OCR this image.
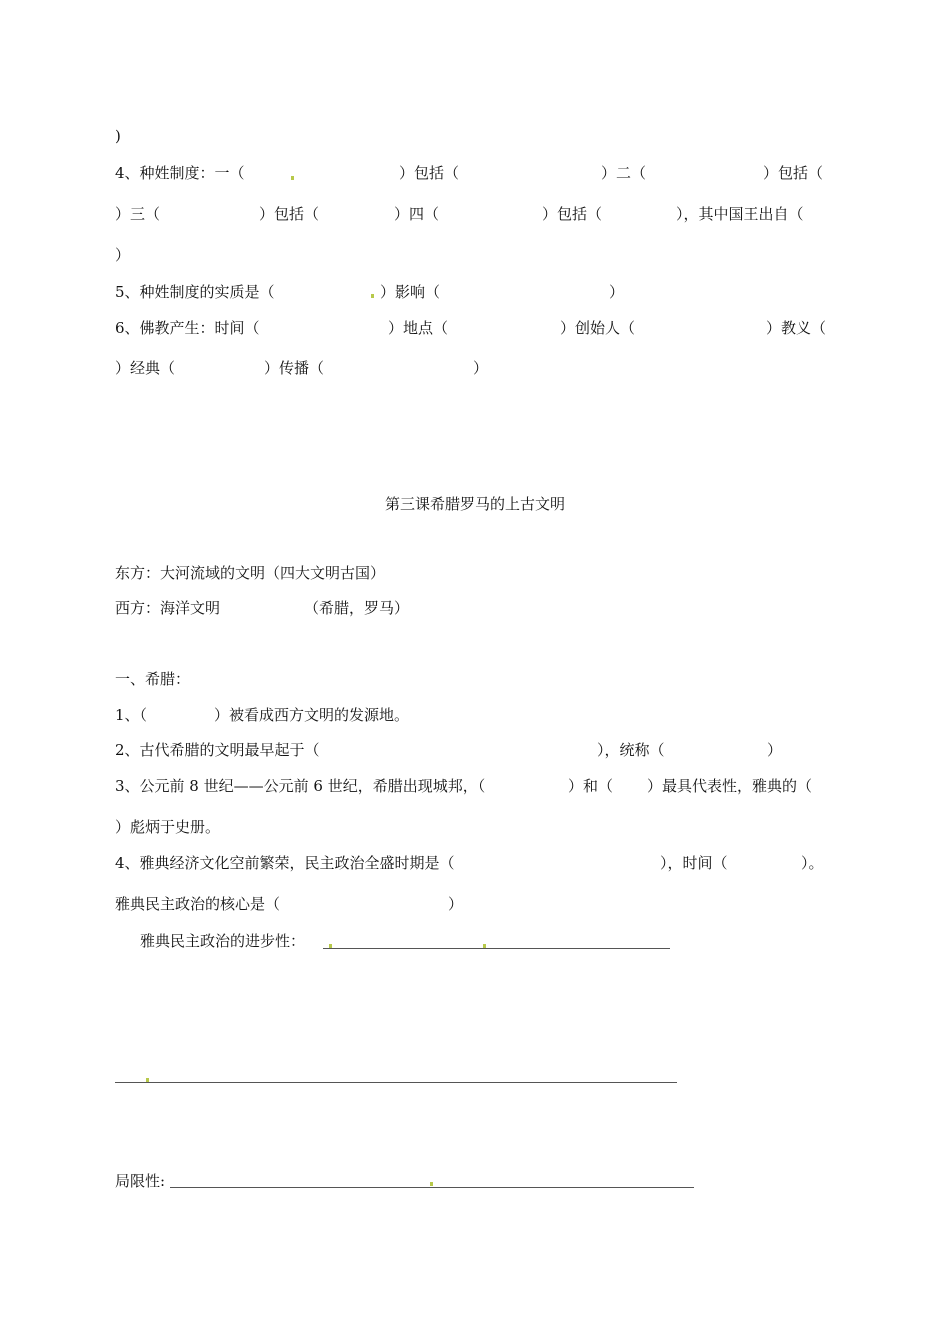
)
4、种姓制度：一（	）包括（	）二（	）包括（
）三（	）包括（	）四（	）包括（	），其中国王出自（
）
5、种姓制度的实质是（	）影响（	）
6、佛教产生：时间（	）地点（	）创始人（	）教义（
）经典（	）传播（	）
第三课希腊罗马的上古文明
东方：大河流域的文明（四大文明古国）
西方：海洋文明	（希腊，罗马）
一、希腊：
1、（	）被看成西方文明的发源地。
2、古代希腊的文明最早起于（	），统称（	）
3、公元前 8 世纪——公元前 6 世纪，希腊出现城邦，（	）和（ ）最具代表性，雅典的（
）彪炳于史册。
4、雅典经济文化空前繁荣，民主政治全盛时期是（	），时间（	）。
雅典民主政治的核心是（	）
雅典民主政治的进步性：
局限性:
